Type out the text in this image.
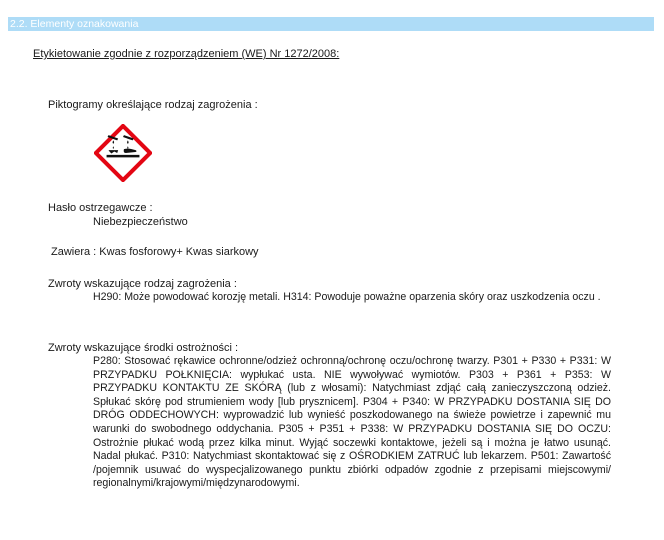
2.2. Elementy oznakowania
Etykietowanie zgodnie z rozporządzeniem (WE) Nr 1272/2008:
Piktogramy określające rodzaj zagrożenia :
Hasło ostrzegawcze :
Niebezpieczeństwo
Zawiera : Kwas fosforowy+ Kwas siarkowy
Zwroty wskazujące rodzaj zagrożenia :
H290: Może powodować korozję metali. H314: Powoduje poważne oparzenia skóry oraz uszkodzenia oczu .
Zwroty wskazujące środki ostrożności :
P280: Stosować rękawice ochronne/odzież ochronną/ochronę oczu/ochronę twarzy. P301 + P330 + P331: W PRZYPADKU POŁKNIĘCIA: wypłukać usta. NIE wywoływać wymiotów. P303 + P361 + P353: W PRZYPADKU KONTAKTU ZE SKÓRĄ (lub z włosami): Natychmiast zdjąć całą zanieczyszczoną odzież. Spłukać skórę pod strumieniem wody [lub prysznicem]. P304 + P340: W PRZYPADKU DOSTANIA SIĘ DO DRÓG ODDECHOWYCH: wyprowadzić lub wynieść poszkodowanego na świeże powietrze i zapewnić mu warunki do swobodnego oddychania. P305 + P351 + P338: W PRZYPADKU DOSTANIA SIĘ DO OCZU: Ostrożnie płukać wodą przez kilka minut. Wyjąć soczewki kontaktowe, jeżeli są i można je łatwo usunąć. Nadal płukać. P310: Natychmiast skontaktować się z OŚRODKIEM ZATRUĆ lub lekarzem. P501: Zawartość /pojemnik usuwać do wyspecjalizowanego punktu zbiórki odpadów zgodnie z przepisami miejscowymi/ regionalnymi/krajowymi/międzynarodowymi.
